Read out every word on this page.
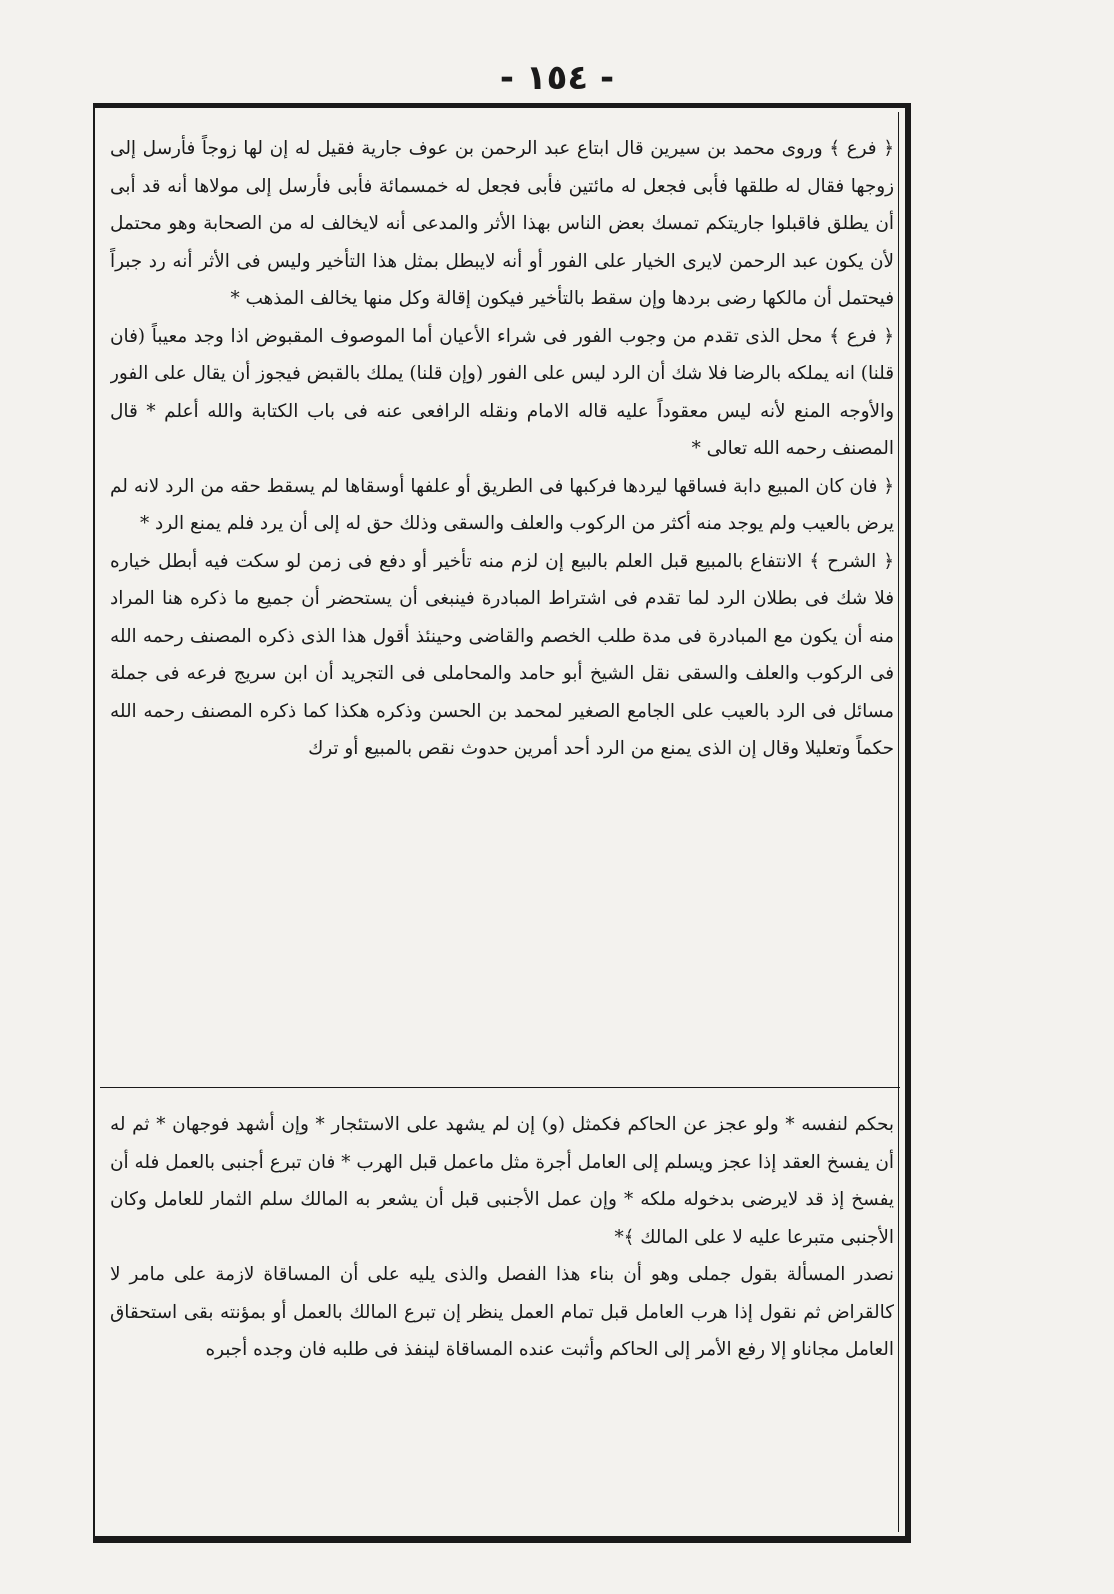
- ١٥٤ -

﴿ فرع ﴾ وروى محمد بن سيرين قال ابتاع عبد الرحمن بن عوف جارية فقيل له إن لها زوجاً فأرسل إلى زوجها فقال له طلقها فأبى فجعل له مائتين فأبى فجعل له خمسمائة فأبى فأرسل إلى مولاها أنه قد أبى أن يطلق فاقبلوا جاريتكم تمسك بعض الناس بهذا الأثر والمدعى أنه لايخالف له من الصحابة وهو محتمل لأن يكون عبد الرحمن لايرى الخيار على الفور أو أنه لايبطل بمثل هذا التأخير وليس فى الأثر أنه رد جبراً فيحتمل أن مالكها رضى بردها وإن سقط بالتأخير فيكون إقالة وكل منها يخالف المذهب *

﴿ فرع ﴾ محل الذى تقدم من وجوب الفور فى شراء الأعيان أما الموصوف المقبوض اذا وجد معيباً (فان قلنا) انه يملكه بالرضا فلا شك أن الرد ليس على الفور (وإن قلنا) يملك بالقبض فيجوز أن يقال على الفور والأوجه المنع لأنه ليس معقوداً عليه قاله الامام ونقله الرافعى عنه فى باب الكتابة والله أعلم * قال المصنف رحمه الله تعالى *

﴿ فان كان المبيع دابة فساقها ليردها فركبها فى الطريق أو علفها أوسقاها لم يسقط حقه من الرد لانه لم يرض بالعيب ولم يوجد منه أكثر من الركوب والعلف والسقى وذلك حق له إلى أن يرد فلم يمنع الرد *

﴿ الشرح ﴾ الانتفاع بالمبيع قبل العلم بالبيع إن لزم منه تأخير أو دفع فى زمن لو سكت فيه أبطل خياره فلا شك فى بطلان الرد لما تقدم فى اشتراط المبادرة فينبغى أن يستحضر أن جميع ما ذكره هنا المراد منه أن يكون مع المبادرة فى مدة طلب الخصم والقاضى وحينئذ أقول هذا الذى ذكره المصنف رحمه الله فى الركوب والعلف والسقى نقل الشيخ أبو حامد والمحاملى فى التجريد أن ابن سريج فرعه فى جملة مسائل فى الرد بالعيب على الجامع الصغير لمحمد بن الحسن وذكره هكذا كما ذكره المصنف رحمه الله حكماً وتعليلا وقال إن الذى يمنع من الرد أحد أمرين حدوث نقص بالمبيع أو ترك

بحكم لنفسه * ولو عجز عن الحاكم فكمثل (و) إن لم يشهد على الاستئجار * وإن أشهد فوجهان * ثم له أن يفسخ العقد إذا عجز ويسلم إلى العامل أجرة مثل ماعمل قبل الهرب * فان تبرع أجنبى بالعمل فله أن يفسخ إذ قد لايرضى بدخوله ملكه * وإن عمل الأجنبى قبل أن يشعر به المالك سلم الثمار للعامل وكان الأجنبى متبرعا عليه لا على المالك ﴾*

نصدر المسألة بقول جملى وهو أن بناء هذا الفصل والذى يليه على أن المساقاة لازمة على مامر لا كالقراض ثم نقول إذا هرب العامل قبل تمام العمل ينظر إن تبرع المالك بالعمل أو بمؤنته بقى استحقاق العامل مجاناو إلا رفع الأمر إلى الحاكم وأثبت عنده المساقاة لينفذ فى طلبه فان وجده أجبره
